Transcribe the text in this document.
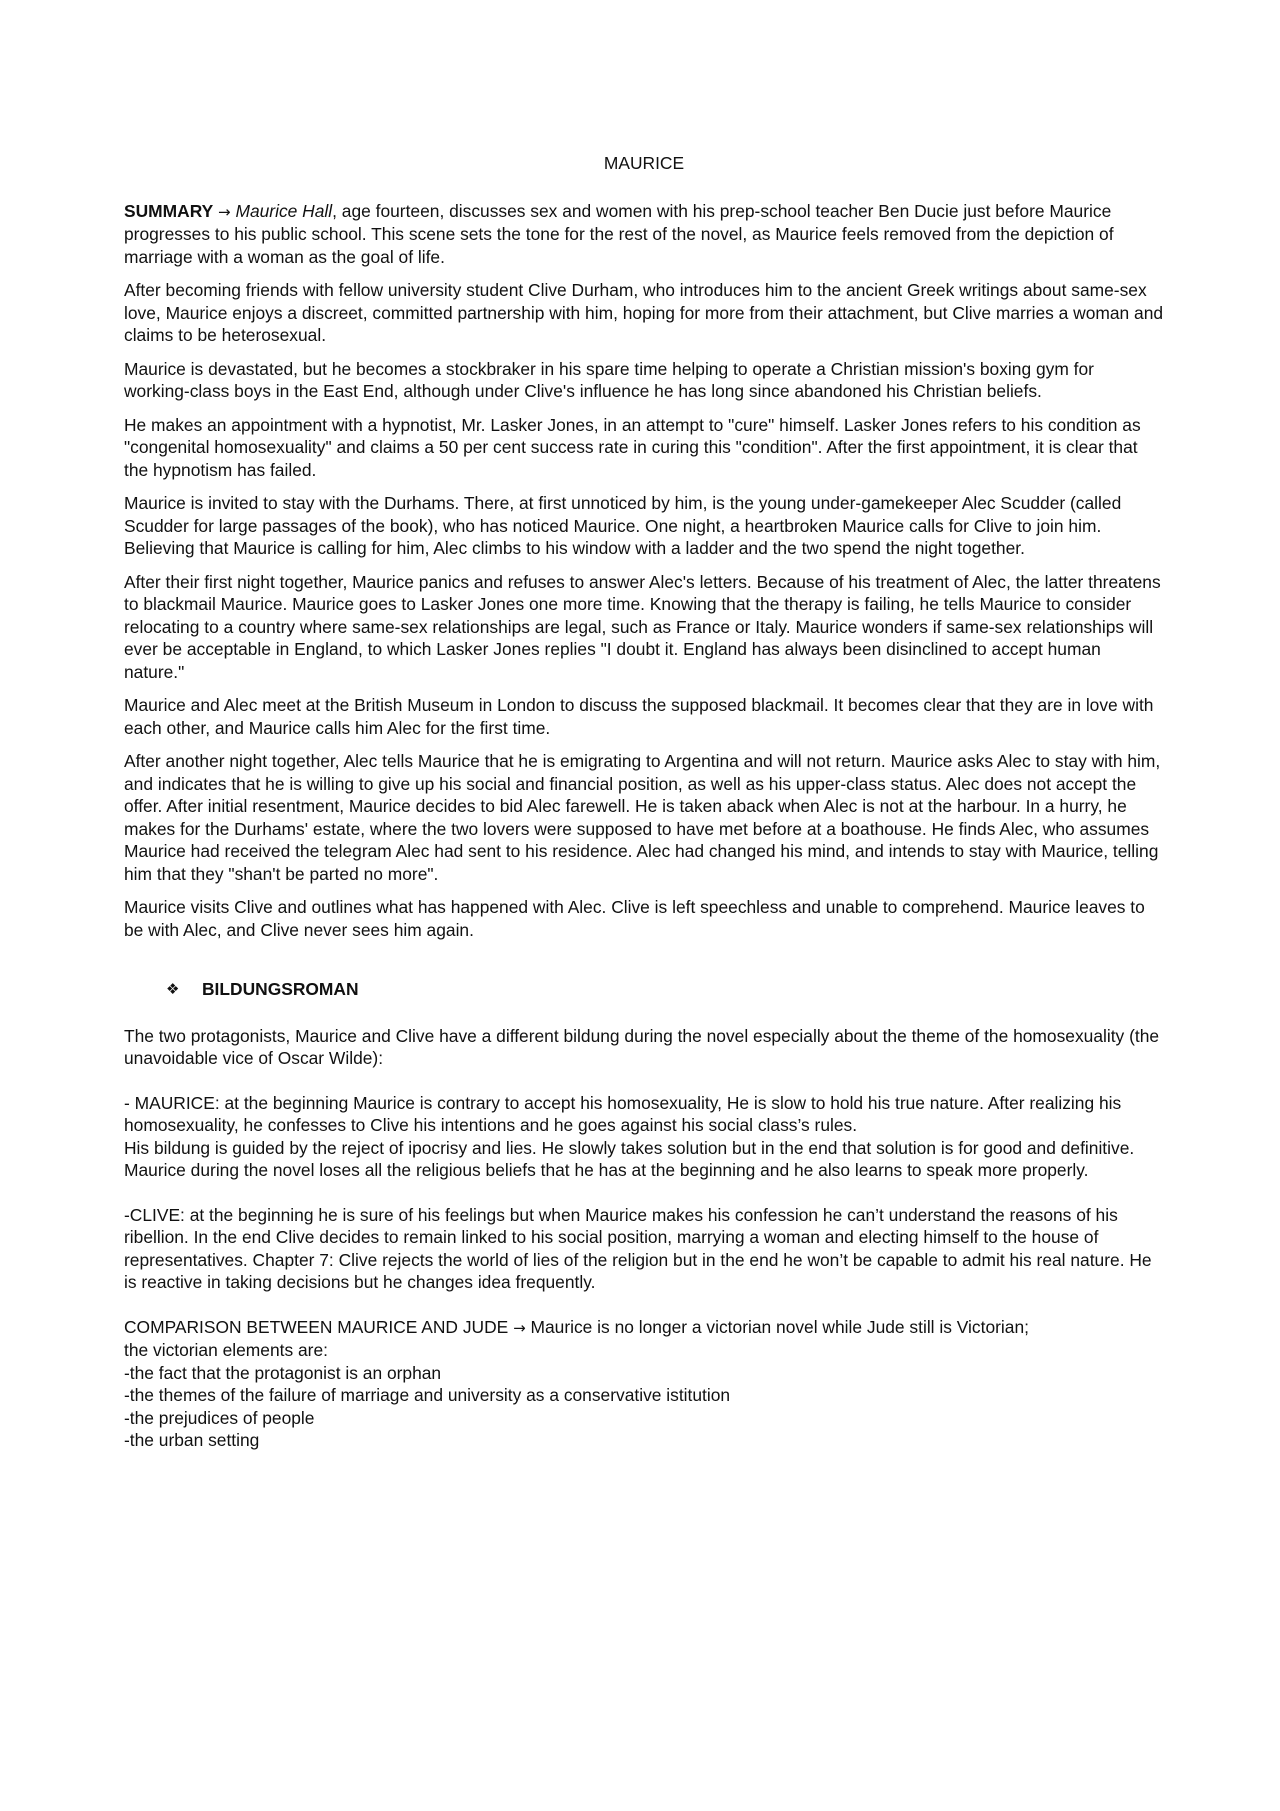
MAURICE

SUMMARY → Maurice Hall, age fourteen, discusses sex and women with his prep-school teacher Ben Ducie just before Maurice progresses to his public school. This scene sets the tone for the rest of the novel, as Maurice feels removed from the depiction of marriage with a woman as the goal of life.

After becoming friends with fellow university student Clive Durham, who introduces him to the ancient Greek writings about same-sex love, Maurice enjoys a discreet, committed partnership with him, hoping for more from their attachment, but Clive marries a woman and claims to be heterosexual.

Maurice is devastated, but he becomes a stockbraker in his spare time helping to operate a Christian mission's boxing gym for working-class boys in the East End, although under Clive's influence he has long since abandoned his Christian beliefs.

He makes an appointment with a hypnotist, Mr. Lasker Jones, in an attempt to "cure" himself. Lasker Jones refers to his condition as "congenital homosexuality" and claims a 50 per cent success rate in curing this "condition". After the first appointment, it is clear that the hypnotism has failed.

Maurice is invited to stay with the Durhams. There, at first unnoticed by him, is the young under-gamekeeper Alec Scudder (called Scudder for large passages of the book), who has noticed Maurice. One night, a heartbroken Maurice calls for Clive to join him. Believing that Maurice is calling for him, Alec climbs to his window with a ladder and the two spend the night together.

After their first night together, Maurice panics and refuses to answer Alec's letters. Because of his treatment of Alec, the latter threatens to blackmail Maurice. Maurice goes to Lasker Jones one more time. Knowing that the therapy is failing, he tells Maurice to consider relocating to a country where same-sex relationships are legal, such as France or Italy. Maurice wonders if same-sex relationships will ever be acceptable in England, to which Lasker Jones replies "I doubt it. England has always been disinclined to accept human nature."

Maurice and Alec meet at the British Museum in London to discuss the supposed blackmail. It becomes clear that they are in love with each other, and Maurice calls him Alec for the first time.

After another night together, Alec tells Maurice that he is emigrating to Argentina and will not return. Maurice asks Alec to stay with him, and indicates that he is willing to give up his social and financial position, as well as his upper-class status. Alec does not accept the offer. After initial resentment, Maurice decides to bid Alec farewell. He is taken aback when Alec is not at the harbour. In a hurry, he makes for the Durhams' estate, where the two lovers were supposed to have met before at a boathouse. He finds Alec, who assumes Maurice had received the telegram Alec had sent to his residence. Alec had changed his mind, and intends to stay with Maurice, telling him that they "shan't be parted no more".

Maurice visits Clive and outlines what has happened with Alec. Clive is left speechless and unable to comprehend. Maurice leaves to be with Alec, and Clive never sees him again.

❖	BILDUNGSROMAN

The two protagonists, Maurice and Clive have a different bildung during the novel especially about the theme of the homosexuality (the unavoidable vice of Oscar Wilde):

- MAURICE: at the beginning Maurice is contrary to accept his homosexuality, He is slow to hold his true nature. After realizing his homosexuality, he confesses to Clive his intentions and he goes against his social class’s rules.
His bildung is guided by the reject of ipocrisy and lies. He slowly takes solution but in the end that solution is for good and definitive.
Maurice during the novel loses all the religious beliefs that he has at the beginning and he also learns to speak more properly.

-CLIVE: at the beginning he is sure of his feelings but when Maurice makes his confession he can’t understand the reasons of his ribellion. In the end Clive decides to remain linked to his social position, marrying a woman and electing himself to the house of representatives. Chapter 7: Clive rejects the world of lies of the religion but in the end he won’t be capable to admit his real nature. He is reactive in taking decisions but he changes idea frequently.

COMPARISON BETWEEN MAURICE AND JUDE → Maurice is no longer a victorian novel while Jude still is Victorian;
the victorian elements are:
-the fact that the protagonist is an orphan
-the themes of the failure of marriage and university as a conservative istitution
-the prejudices of people
-the urban setting
